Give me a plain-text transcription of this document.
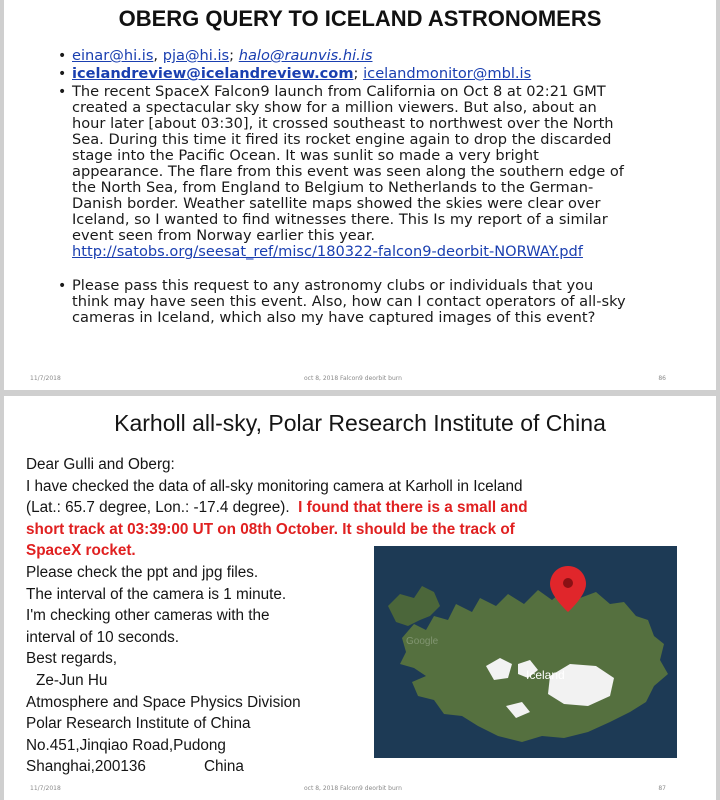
OBERG QUERY TO ICELAND ASTRONOMERS
• einar@hi.is, pja@hi.is; halo@raunvis.hi.is
• icelandreview@icelandreview.com; icelandmonitor@mbl.is
• The recent SpaceX Falcon9 launch from California on Oct 8 at 02:21 GMT
created a spectacular sky show for a million viewers. But also, about an
hour later [about 03:30], it crossed southeast to northwest over the North
Sea. During this time it fired its rocket engine again to drop the discarded
stage into the Pacific Ocean. It was sunlit so made a very bright
appearance. The flare from this event was seen along the southern edge of
the North Sea, from England to Belgium to Netherlands to the German-
Danish border. Weather satellite maps showed the skies were clear over
Iceland, so I wanted to find witnesses there. This Is my report of a similar
event seen from Norway earlier this year.
http://satobs.org/seesat_ref/misc/180322-falcon9-deorbit-NORWAY.pdf
• Please pass this request to any astronomy clubs or individuals that you
think may have seen this event. Also, how can I contact operators of all-sky
cameras in Iceland, which also my have captured images of this event?
11/7/2018	oct 8, 2018 Falcon9 deorbit burn	86
Karholl all-sky, Polar Research Institute of China
Dear Gulli and Oberg:
I have checked the data of all-sky monitoring camera at Karholl in Iceland
(Lat.: 65.7 degree, Lon.: -17.4 degree). I found that there is a small and
short track at 03:39:00 UT on 08th October. It should be the track of
SpaceX rocket.
Please check the ppt and jpg files.
The interval of the camera is 1 minute.
I'm checking other cameras with the
interval of 10 seconds.
Best regards,
Ze-Jun Hu
Atmosphere and Space Physics Division
Polar Research Institute of China
No.451,Jinqiao Road,Pudong
Shanghai,200136	China
Google
Iceland
11/7/2018	oct 8, 2018 Falcon9 deorbit burn	87
